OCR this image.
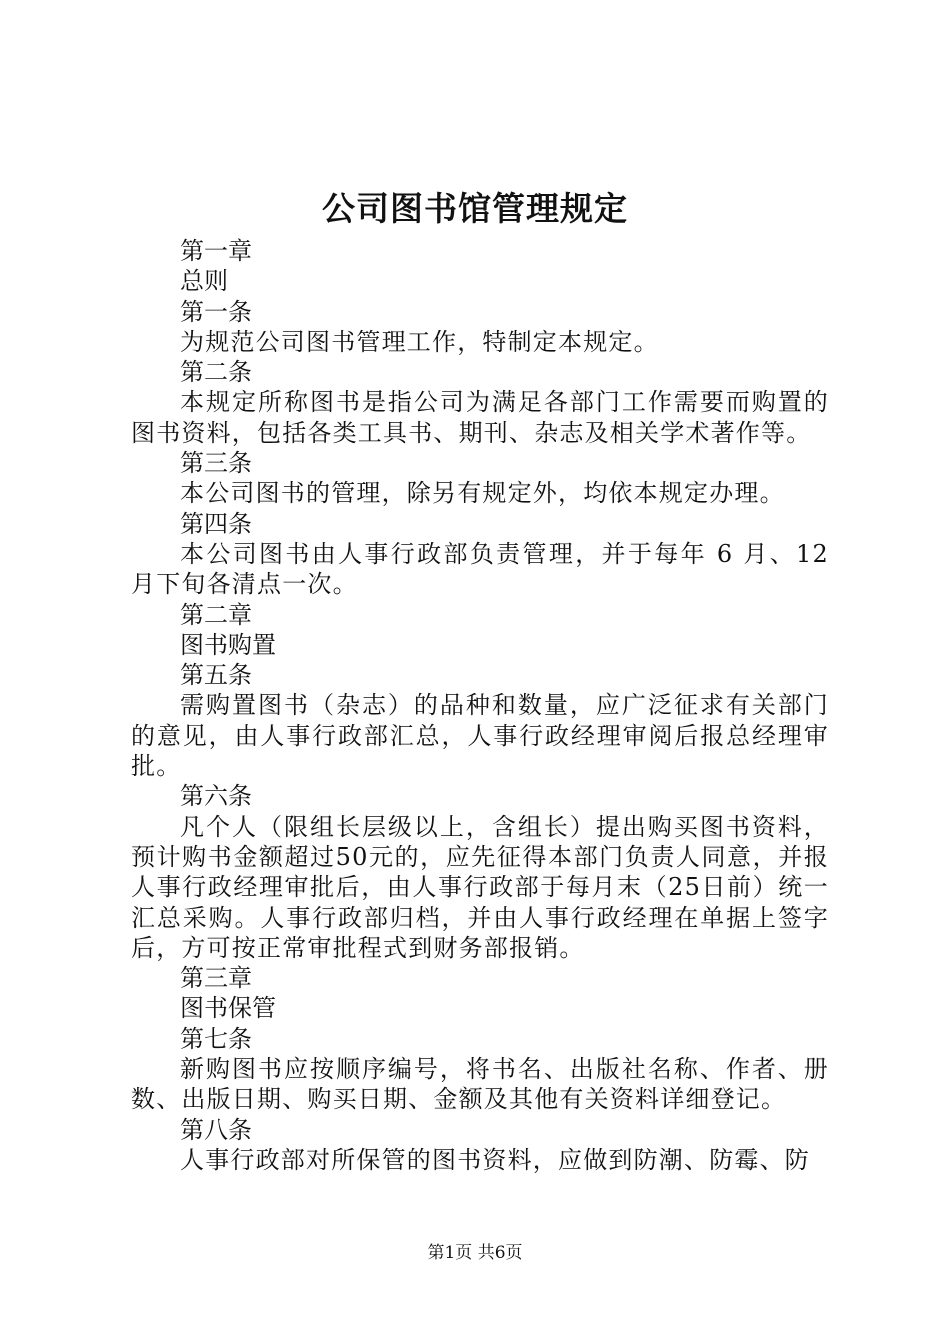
公司图书馆管理规定
第一章
总则
第一条
为规范公司图书管理工作，特制定本规定。
第二条
本规定所称图书是指公司为满足各部门工作需要而购置的图书资料，包括各类工具书、期刊、杂志及相关学术著作等。
第三条
本公司图书的管理，除另有规定外，均依本规定办理。
第四条
本公司图书由人事行政部负责管理，并于每年 6 月、12 月下旬各清点一次。
第二章
图书购置
第五条
需购置图书（杂志）的品种和数量，应广泛征求有关部门的意见，由人事行政部汇总，人事行政经理审阅后报总经理审批。
第六条
凡个人（限组长层级以上，含组长）提出购买图书资料，预计购书金额超过50元的，应先征得本部门负责人同意，并报人事行政经理审批后，由人事行政部于每月末（25日前）统一汇总采购。人事行政部归档，并由人事行政经理在单据上签字后，方可按正常审批程式到财务部报销。
第三章
图书保管
第七条
新购图书应按顺序编号，将书名、出版社名称、作者、册数、出版日期、购买日期、金额及其他有关资料详细登记。
第八条
人事行政部对所保管的图书资料，应做到防潮、防霉、防
第1页 共6页
